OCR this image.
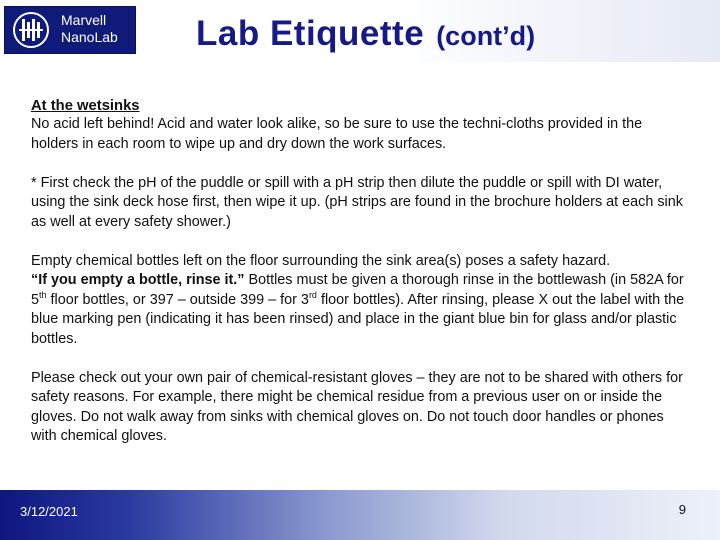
Marvell
NanoLab Lab Etiquette (cont’d)

At the wetsinks

No acid left behind! Acid and water look alike, so be sure to use the techni-cloths provided in the holders in each room to wipe up and dry down the work surfaces.

* First check the pH of the puddle or spill with a pH strip then dilute the puddle or spill with DI water, using the sink deck hose first, then wipe it up. (pH strips are found in the brochure holders at each sink as well at every safety shower.)

Empty chemical bottles left on the floor surrounding the sink area(s) poses a safety hazard.
“If you empty a bottle, rinse it.” Bottles must be given a thorough rinse in the bottlewash (in 582A for 5th floor bottles, or 397 – outside 399 – for 3rd floor bottles). After rinsing, please X out the label with the blue marking pen (indicating it has been rinsed) and place in the giant blue bin for glass and/or plastic bottles.

Please check out your own pair of chemical-resistant gloves – they are not to be shared with others for safety reasons. For example, there might be chemical residue from a previous user on or inside the gloves. Do not walk away from sinks with chemical gloves on. Do not touch door handles or phones with chemical gloves.

3/12/2021	9
